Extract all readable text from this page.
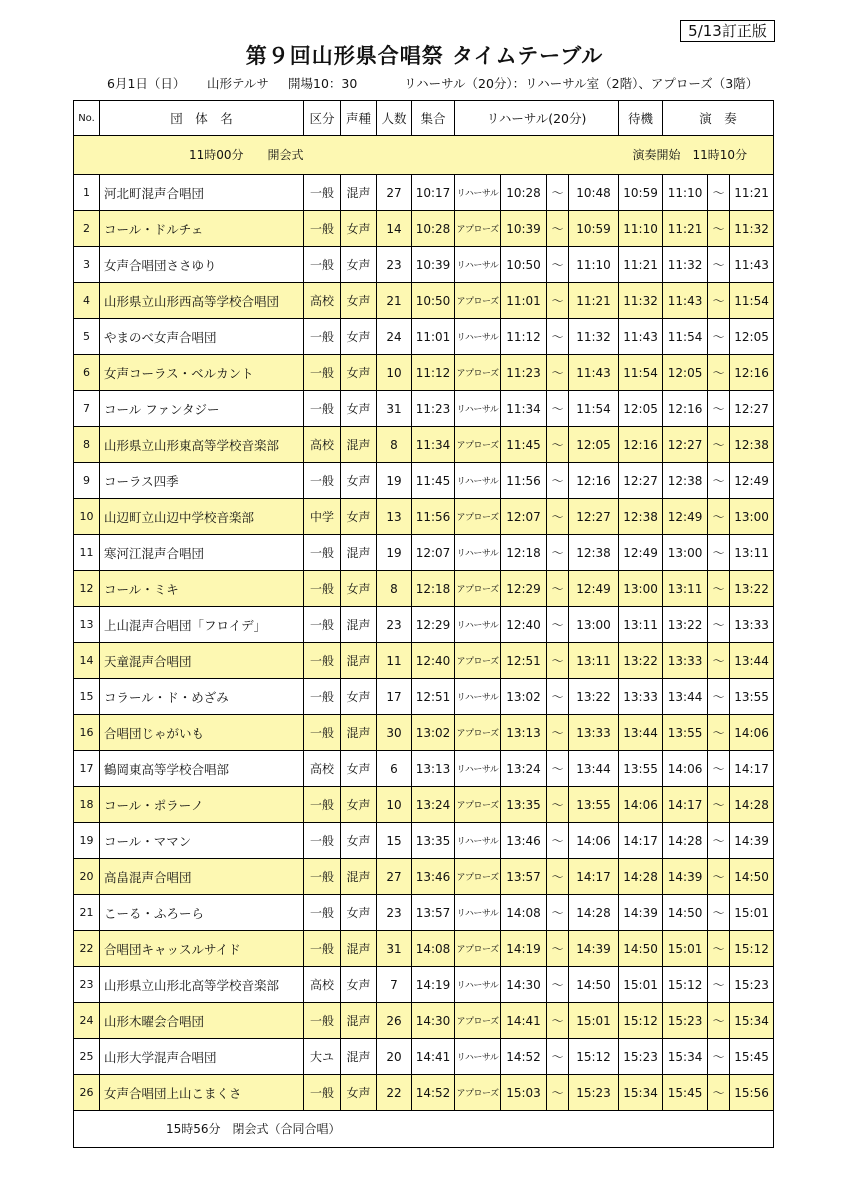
5/13訂正版
第９回山形県合唱祭 タイムテーブル
6月1日（日） 山形テルサ 開場10：30	リハーサル（20分）：リハーサル室（2階）、アプローズ（3階）
No.	団　体　名	区分	声種	人数	集合	リハーサル(20分)				待機	演　奏		

11時00分　　開会式 演奏開始　11時10分													

1	河北町混声合唱団	一般	混声	27	10:17	リハーサル	10:28	～	10:48	10:59	11:10	～	11:21
2	コール・ドルチェ	一般	女声	14	10:28	アプローズ	10:39	～	10:59	11:10	11:21	～	11:32
3	女声合唱団ささゆり	一般	女声	23	10:39	リハーサル	10:50	～	11:10	11:21	11:32	～	11:43
4	山形県立山形西高等学校合唱団	高校	女声	21	10:50	アプローズ	11:01	～	11:21	11:32	11:43	～	11:54
5	やまのべ女声合唱団	一般	女声	24	11:01	リハーサル	11:12	～	11:32	11:43	11:54	～	12:05
6	女声コーラス・ベルカント	一般	女声	10	11:12	アプローズ	11:23	～	11:43	11:54	12:05	～	12:16
7	コール ファンタジー	一般	女声	31	11:23	リハーサル	11:34	～	11:54	12:05	12:16	～	12:27
8	山形県立山形東高等学校音楽部	高校	混声	8	11:34	アプローズ	11:45	～	12:05	12:16	12:27	～	12:38
9	コーラス四季	一般	女声	19	11:45	リハーサル	11:56	～	12:16	12:27	12:38	～	12:49
10	山辺町立山辺中学校音楽部	中学	女声	13	11:56	アプローズ	12:07	～	12:27	12:38	12:49	～	13:00
11	寒河江混声合唱団	一般	混声	19	12:07	リハーサル	12:18	～	12:38	12:49	13:00	～	13:11
12	コール・ミキ	一般	女声	8	12:18	アプローズ	12:29	～	12:49	13:00	13:11	～	13:22
13	上山混声合唱団「フロイデ」	一般	混声	23	12:29	リハーサル	12:40	～	13:00	13:11	13:22	～	13:33
14	天童混声合唱団	一般	混声	11	12:40	アプローズ	12:51	～	13:11	13:22	13:33	～	13:44
15	コラール・ド・めざみ	一般	女声	17	12:51	リハーサル	13:02	～	13:22	13:33	13:44	～	13:55
16	合唱団じゃがいも	一般	混声	30	13:02	アプローズ	13:13	～	13:33	13:44	13:55	～	14:06
17	鶴岡東高等学校合唱部	高校	女声	6	13:13	リハーサル	13:24	～	13:44	13:55	14:06	～	14:17
18	コール・ポラーノ	一般	女声	10	13:24	アプローズ	13:35	～	13:55	14:06	14:17	～	14:28
19	コール・ママン	一般	女声	15	13:35	リハーサル	13:46	～	14:06	14:17	14:28	～	14:39
20	高畠混声合唱団	一般	混声	27	13:46	アプローズ	13:57	～	14:17	14:28	14:39	～	14:50
21	こーる・ふろーら	一般	女声	23	13:57	リハーサル	14:08	～	14:28	14:39	14:50	～	15:01
22	合唱団キャッスルサイド	一般	混声	31	14:08	アプローズ	14:19	～	14:39	14:50	15:01	～	15:12
23	山形県立山形北高等学校音楽部	高校	女声	7	14:19	リハーサル	14:30	～	14:50	15:01	15:12	～	15:23
24	山形木曜会合唱団	一般	混声	26	14:30	アプローズ	14:41	～	15:01	15:12	15:23	～	15:34
25	山形大学混声合唱団	大ユ	混声	20	14:41	リハーサル	14:52	～	15:12	15:23	15:34	～	15:45
26	女声合唱団上山こまくさ	一般	女声	22	14:52	アプローズ	15:03	～	15:23	15:34	15:45	～	15:56

15時56分　閉会式（合同合唱）													
